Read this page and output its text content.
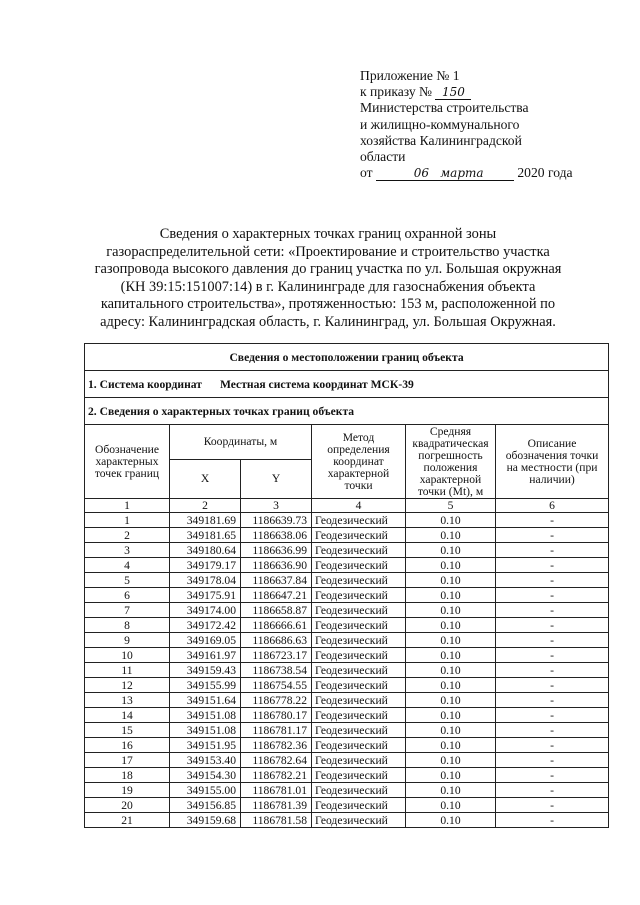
Приложение № 1
к приказу № 150
Министерства строительства
и жилищно-коммунального
хозяйства Калининградской
области
от	06 марта 2020 года
Сведения о характерных точках границ охранной зоны
газораспределительной сети: «Проектирование и строительство участка
газопровода высокого давления до границ участка по ул. Большая окружная
(КН 39:15:151007:14) в г. Калининграде для газоснабжения объекта
капитального строительства», протяженностью: 153 м, расположенной по
адресу: Калининградская область, г. Калининград, ул. Большая Окружная.
Сведения о местоположении границ объекта					
1. Система координат Местная система координат МСК-39					
2. Сведения о характерных точках границ объекта					
Обозначение характерных точек границ	Координаты, м		Метод определения координат характерной точки	Средняя квадратическая погрешность положения характерной точки (Mt), м	Описание обозначения точки на местности (при наличии)
	X	Y			
1	2	3	4	5	6
1	349181.69	1186639.73	Геодезический	0.10	-
2	349181.65	1186638.06	Геодезический	0.10	-
3	349180.64	1186636.99	Геодезический	0.10	-
4	349179.17	1186636.90	Геодезический	0.10	-
5	349178.04	1186637.84	Геодезический	0.10	-
6	349175.91	1186647.21	Геодезический	0.10	-
7	349174.00	1186658.87	Геодезический	0.10	-
8	349172.42	1186666.61	Геодезический	0.10	-
9	349169.05	1186686.63	Геодезический	0.10	-
10	349161.97	1186723.17	Геодезический	0.10	-
11	349159.43	1186738.54	Геодезический	0.10	-
12	349155.99	1186754.55	Геодезический	0.10	-
13	349151.64	1186778.22	Геодезический	0.10	-
14	349151.08	1186780.17	Геодезический	0.10	-
15	349151.08	1186781.17	Геодезический	0.10	-
16	349151.95	1186782.36	Геодезический	0.10	-
17	349153.40	1186782.64	Геодезический	0.10	-
18	349154.30	1186782.21	Геодезический	0.10	-
19	349155.00	1186781.01	Геодезический	0.10	-
20	349156.85	1186781.39	Геодезический	0.10	-
21	349159.68	1186781.58	Геодезический	0.10	-
